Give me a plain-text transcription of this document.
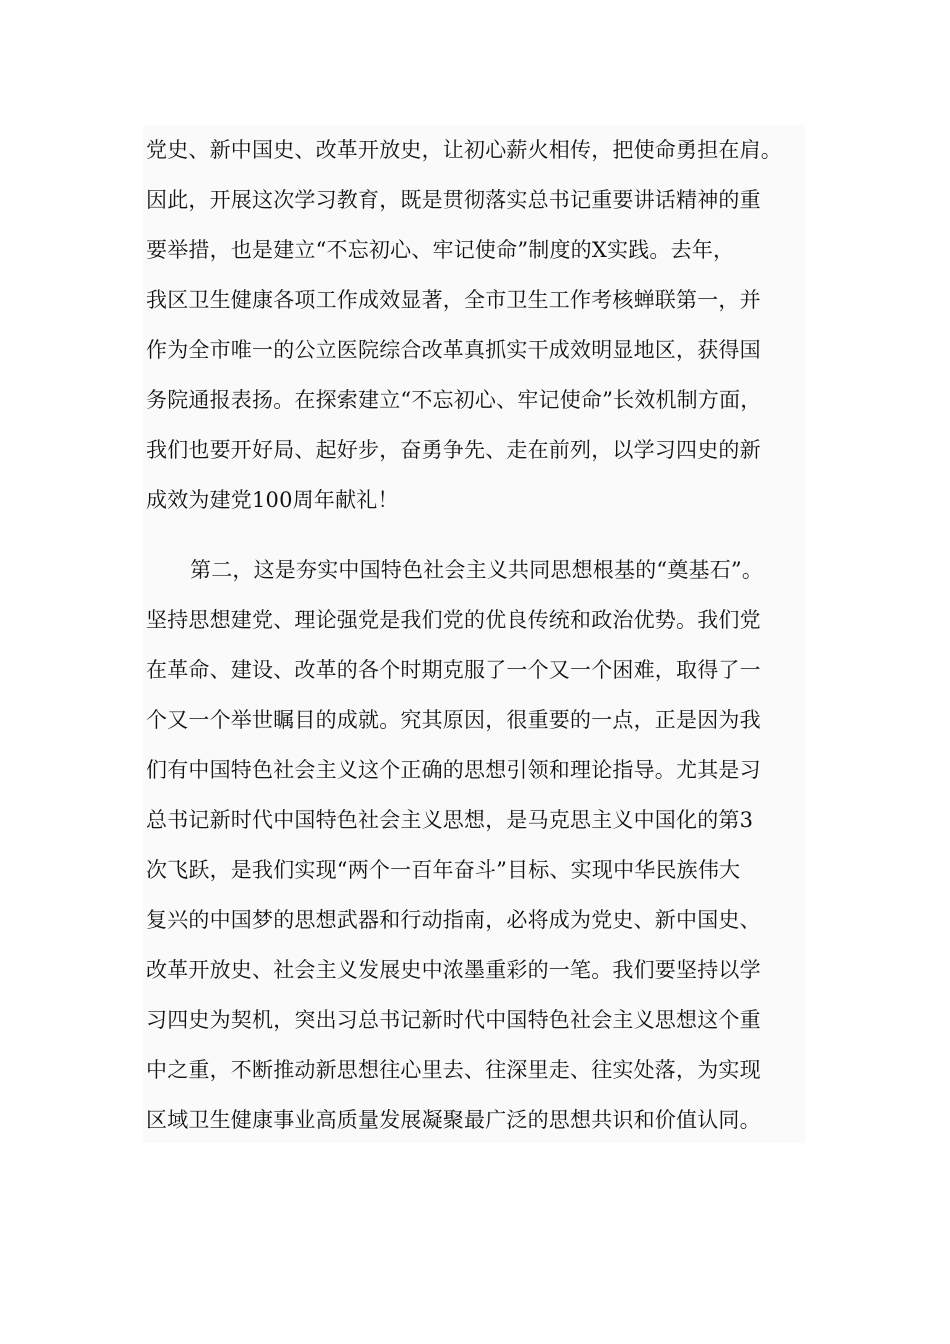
党史、新中国史、改革开放史，让初心薪火相传，把使命勇担在肩。
因此，开展这次学习教育，既是贯彻落实总书记重要讲话精神的重
要举措，也是建立“不忘初心、牢记使命”制度的X实践。去年，
我区卫生健康各项工作成效显著，全市卫生工作考核蝉联第一，并
作为全市唯一的公立医院综合改革真抓实干成效明显地区，获得国
务院通报表扬。在探索建立“不忘初心、牢记使命”长效机制方面，
我们也要开好局、起好步，奋勇争先、走在前列，以学习四史的新
成效为建党100周年献礼！
第二，这是夯实中国特色社会主义共同思想根基的“奠基石”。
坚持思想建党、理论强党是我们党的优良传统和政治优势。我们党
在革命、建设、改革的各个时期克服了一个又一个困难，取得了一
个又一个举世瞩目的成就。究其原因，很重要的一点，正是因为我
们有中国特色社会主义这个正确的思想引领和理论指导。尤其是习
总书记新时代中国特色社会主义思想，是马克思主义中国化的第3
次飞跃，是我们实现“两个一百年奋斗”目标、实现中华民族伟大
复兴的中国梦的思想武器和行动指南，必将成为党史、新中国史、
改革开放史、社会主义发展史中浓墨重彩的一笔。我们要坚持以学
习四史为契机，突出习总书记新时代中国特色社会主义思想这个重
中之重，不断推动新思想往心里去、往深里走、往实处落，为实现
区域卫生健康事业高质量发展凝聚最广泛的思想共识和价值认同。
